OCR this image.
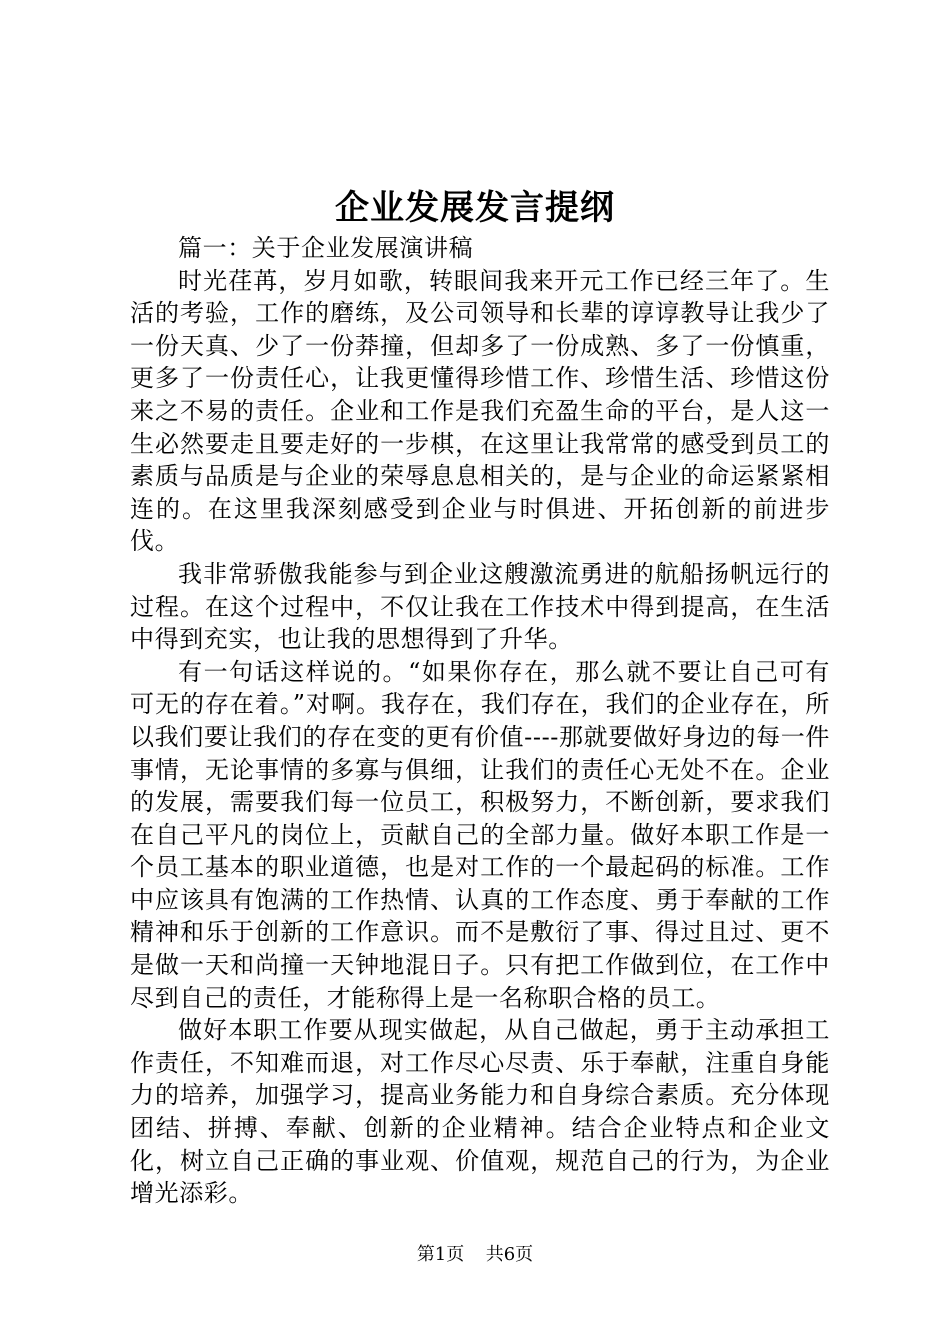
企业发展发言提纲

篇一：关于企业发展演讲稿

时光荏苒，岁月如歌，转眼间我来开元工作已经三年了。生活的考验，工作的磨练，及公司领导和长辈的谆谆教导让我少了一份天真、少了一份莽撞，但却多了一份成熟、多了一份慎重，更多了一份责任心，让我更懂得珍惜工作、珍惜生活、珍惜这份来之不易的责任。企业和工作是我们充盈生命的平台，是人这一生必然要走且要走好的一步棋，在这里让我常常的感受到员工的素质与品质是与企业的荣辱息息相关的，是与企业的命运紧紧相连的。在这里我深刻感受到企业与时俱进、开拓创新的前进步伐。

我非常骄傲我能参与到企业这艘激流勇进的航船扬帆远行的过程。在这个过程中，不仅让我在工作技术中得到提高，在生活中得到充实，也让我的思想得到了升华。

有一句话这样说的。“如果你存在，那么就不要让自己可有可无的存在着。”对啊。我存在，我们存在，我们的企业存在，所以我们要让我们的存在变的更有价值----那就要做好身边的每一件事情，无论事情的多寡与俱细，让我们的责任心无处不在。企业的发展，需要我们每一位员工，积极努力，不断创新，要求我们在自己平凡的岗位上，贡献自己的全部力量。做好本职工作是一个员工基本的职业道德，也是对工作的一个最起码的标准。工作中应该具有饱满的工作热情、认真的工作态度、勇于奉献的工作精神和乐于创新的工作意识。而不是敷衍了事、得过且过、更不是做一天和尚撞一天钟地混日子。只有把工作做到位，在工作中尽到自己的责任，才能称得上是一名称职合格的员工。

做好本职工作要从现实做起，从自己做起，勇于主动承担工作责任，不知难而退，对工作尽心尽责、乐于奉献，注重自身能力的培养，加强学习，提高业务能力和自身综合素质。充分体现团结、拼搏、奉献、创新的企业精神。结合企业特点和企业文化，树立自己正确的事业观、价值观，规范自己的行为，为企业增光添彩。

第1页 共6页
